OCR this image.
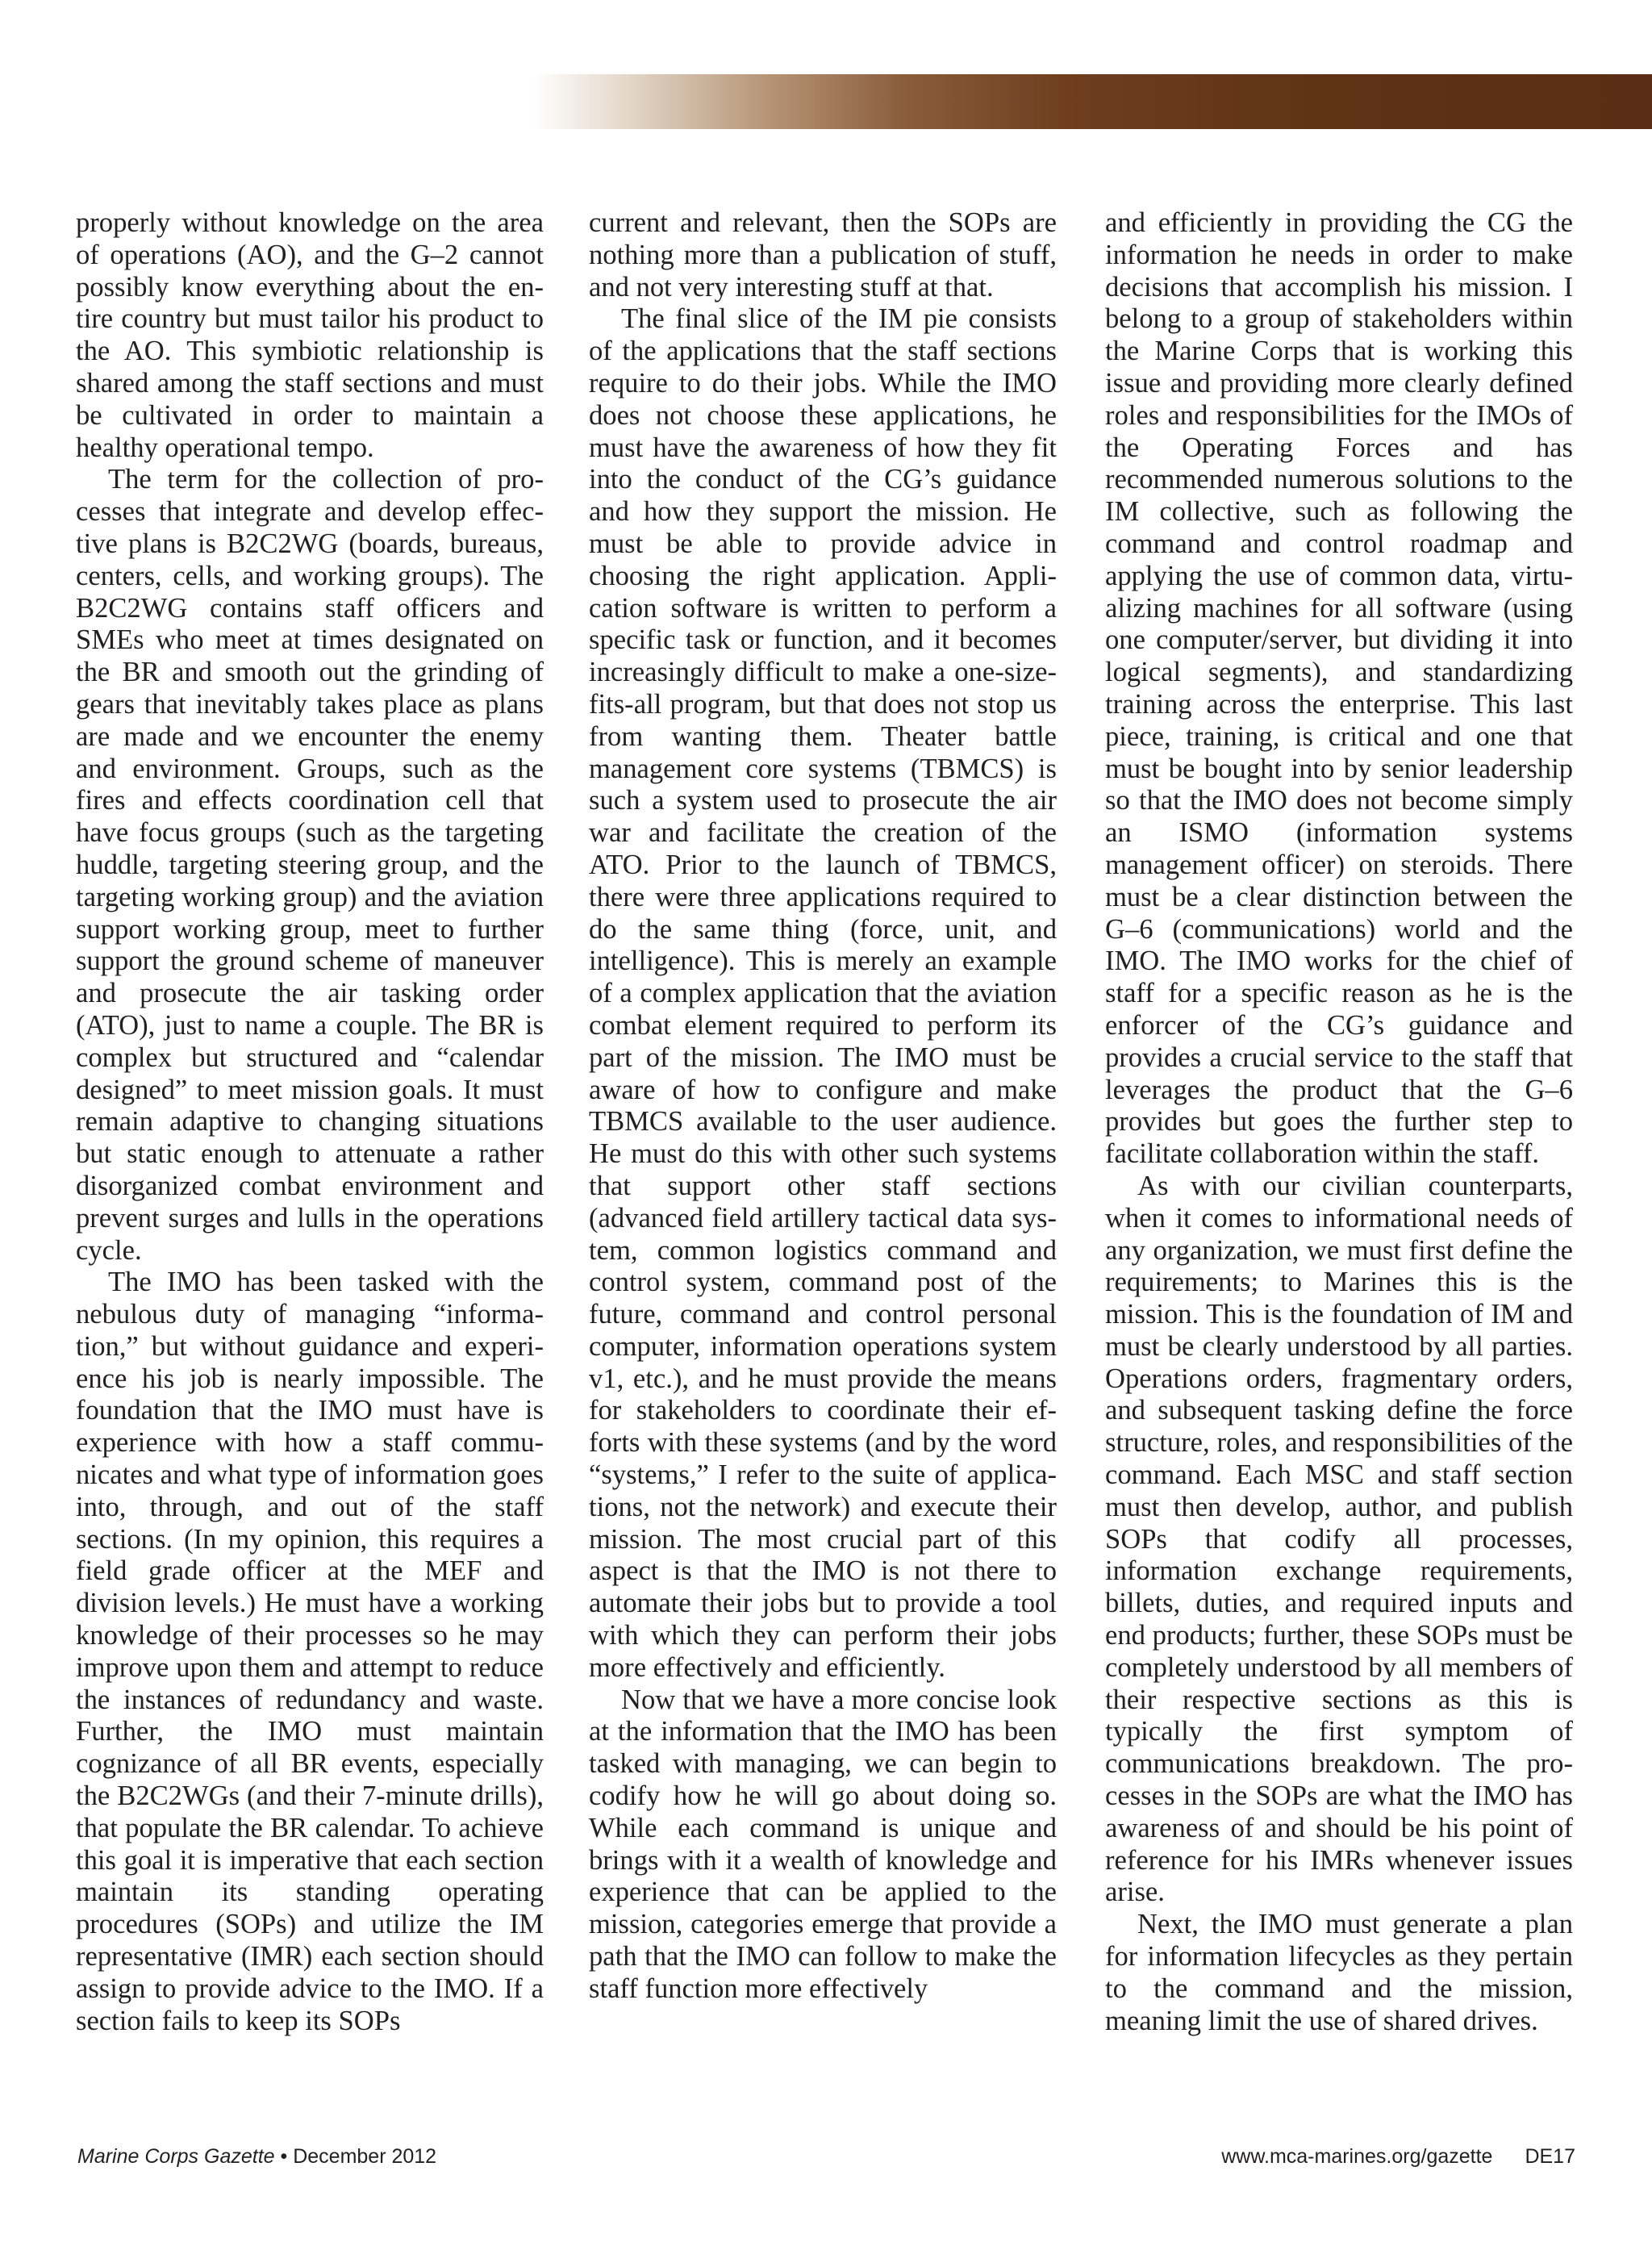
properly without knowledge on the area of operations (AO), and the G–2 cannot possibly know everything about the entire country but must tailor his product to the AO. This symbiotic relationship is shared among the staff sections and must be cultivated in order to maintain a healthy operational tempo.

The term for the collection of processes that integrate and develop effective plans is B2C2WG (boards, bureaus, centers, cells, and working groups). The B2C2WG contains staff officers and SMEs who meet at times designated on the BR and smooth out the grinding of gears that inevitably takes place as plans are made and we encounter the enemy and environment. Groups, such as the fires and effects coordination cell that have focus groups (such as the targeting huddle, targeting steering group, and the targeting working group) and the aviation support working group, meet to further support the ground scheme of maneuver and prosecute the air tasking order (ATO), just to name a couple. The BR is complex but structured and “calendar designed” to meet mission goals. It must remain adaptive to changing situations but static enough to attenuate a rather disorganized combat environment and prevent surges and lulls in the operations cycle.

The IMO has been tasked with the nebulous duty of managing “information,” but without guidance and experience his job is nearly impossible. The foundation that the IMO must have is experience with how a staff communicates and what type of information goes into, through, and out of the staff sections. (In my opinion, this requires a field grade officer at the MEF and division levels.) He must have a working knowledge of their processes so he may improve upon them and attempt to reduce the instances of redundancy and waste. Further, the IMO must maintain cognizance of all BR events, especially the B2C2WGs (and their 7-minute drills), that populate the BR calendar. To achieve this goal it is imperative that each section maintain its standing operating procedures (SOPs) and utilize the IM representative (IMR) each section should assign to provide advice to the IMO. If a section fails to keep its SOPs

current and relevant, then the SOPs are nothing more than a publication of stuff, and not very interesting stuff at that.

The final slice of the IM pie consists of the applications that the staff sections require to do their jobs. While the IMO does not choose these applications, he must have the awareness of how they fit into the conduct of the CG’s guidance and how they support the mission. He must be able to provide advice in choosing the right application. Application software is written to perform a specific task or function, and it becomes increasingly difficult to make a one-size-fits-all program, but that does not stop us from wanting them. Theater battle management core systems (TBMCS) is such a system used to prosecute the air war and facilitate the creation of the ATO. Prior to the launch of TBMCS, there were three applications required to do the same thing (force, unit, and intelligence). This is merely an example of a complex application that the aviation combat element required to perform its part of the mission. The IMO must be aware of how to configure and make TBMCS available to the user audience. He must do this with other such systems that support other staff sections (advanced field artillery tactical data system, common logistics command and control system, command post of the future, command and control personal computer, information operations system v1, etc.), and he must provide the means for stakeholders to coordinate their efforts with these systems (and by the word “systems,” I refer to the suite of applications, not the network) and execute their mission. The most crucial part of this aspect is that the IMO is not there to automate their jobs but to provide a tool with which they can perform their jobs more effectively and efficiently.

Now that we have a more concise look at the information that the IMO has been tasked with managing, we can begin to codify how he will go about doing so. While each command is unique and brings with it a wealth of knowledge and experience that can be applied to the mission, categories emerge that provide a path that the IMO can follow to make the staff function more effectively

and efficiently in providing the CG the information he needs in order to make decisions that accomplish his mission. I belong to a group of stakeholders within the Marine Corps that is working this issue and providing more clearly defined roles and responsibilities for the IMOs of the Operating Forces and has recommended numerous solutions to the IM collective, such as following the command and control roadmap and applying the use of common data, virtualizing machines for all software (using one computer/server, but dividing it into logical segments), and standardizing training across the enterprise. This last piece, training, is critical and one that must be bought into by senior leadership so that the IMO does not become simply an ISMO (information systems management officer) on steroids. There must be a clear distinction between the G–6 (communications) world and the IMO. The IMO works for the chief of staff for a specific reason as he is the enforcer of the CG’s guidance and provides a crucial service to the staff that leverages the product that the G–6 provides but goes the further step to facilitate collaboration within the staff.

As with our civilian counterparts, when it comes to informational needs of any organization, we must first define the requirements; to Marines this is the mission. This is the foundation of IM and must be clearly understood by all parties. Operations orders, fragmentary orders, and subsequent tasking define the force structure, roles, and responsibilities of the command. Each MSC and staff section must then develop, author, and publish SOPs that codify all processes, information exchange requirements, billets, duties, and required inputs and end products; further, these SOPs must be completely understood by all members of their respective sections as this is typically the first symptom of communications breakdown. The processes in the SOPs are what the IMO has awareness of and should be his point of reference for his IMRs whenever issues arise.

Next, the IMO must generate a plan for information lifecycles as they pertain to the command and the mission, meaning limit the use of shared drives.

Marine Corps Gazette • December 2012	www.mca-marines.org/gazette DE17
